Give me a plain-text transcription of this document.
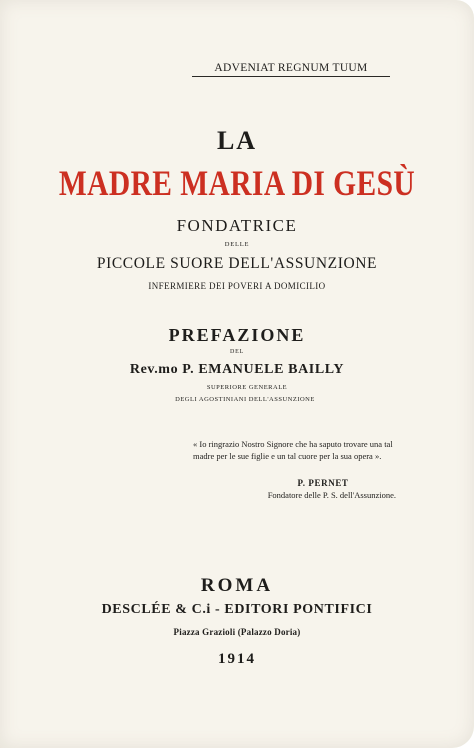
ADVENIAT REGNUM TUUM
LA
MADRE MARIA DI GESÙ
FONDATRICE
DELLE
PICCOLE SUORE DELL'ASSUNZIONE
INFERMIERE DEI POVERI A DOMICILIO
PREFAZIONE
DEL
Rev.mo P. EMANUELE BAILLY
SUPERIORE GENERALE
DEGLI AGOSTINIANI DELL'ASSUNZIONE
« Io ringrazio Nostro Signore che ha saputo trovare una tal madre per le sue figlie e un tal cuore per la sua opera ».
P. PERNET
Fondatore delle P. S. dell'Assunzione.
ROMA
DESCLÉE & C.i - EDITORI PONTIFICI
Piazza Grazioli (Palazzo Doria)
1914
